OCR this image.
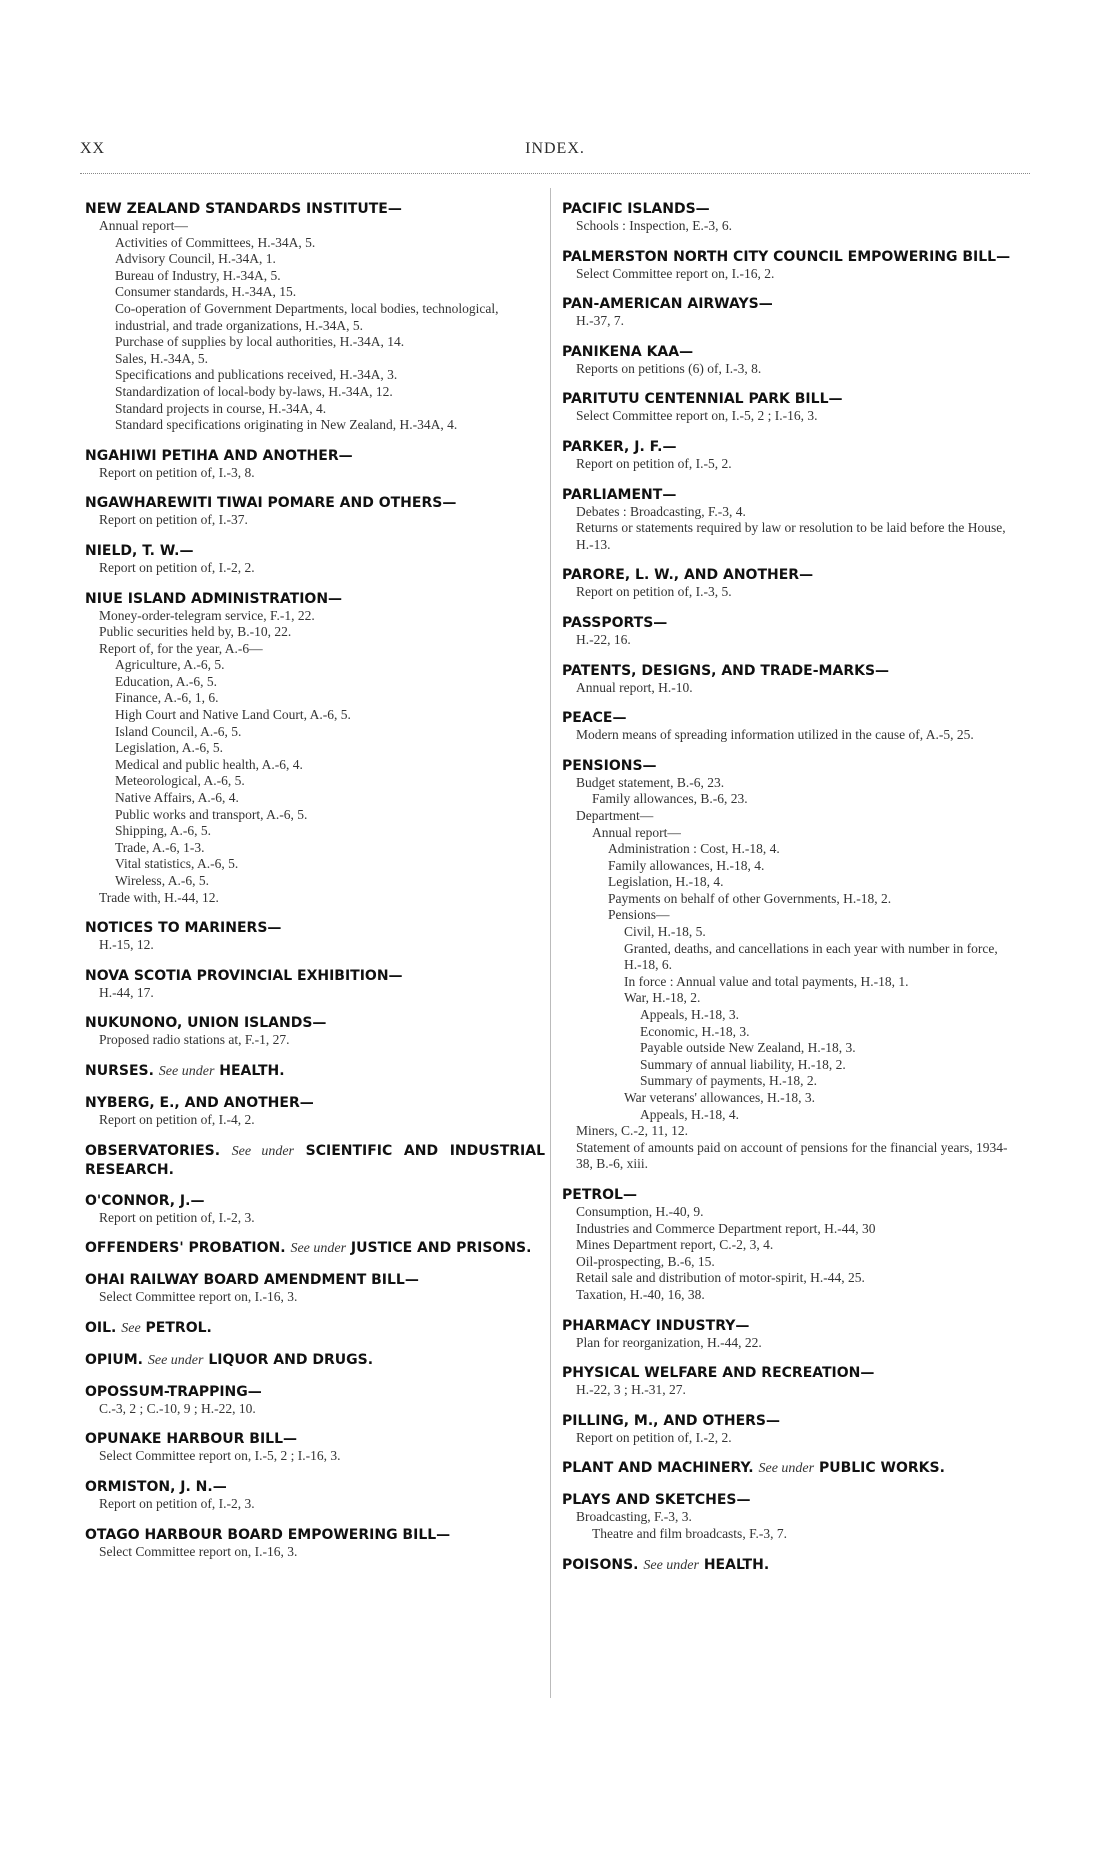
XX	INDEX.
NEW ZEALAND STANDARDS INSTITUTE—
Annual report—
Activities of Committees, H.-34A, 5.
Advisory Council, H.-34A, 1.
Bureau of Industry, H.-34A, 5.
Consumer standards, H.-34A, 15.
Co-operation of Government Departments, local bodies, technological, industrial, and trade organizations, H.-34A, 5.
Purchase of supplies by local authorities, H.-34A, 14.
Sales, H.-34A, 5.
Specifications and publications received, H.-34A, 3.
Standardization of local-body by-laws, H.-34A, 12.
Standard projects in course, H.-34A, 4.
Standard specifications originating in New Zealand, H.-34A, 4.
NGAHIWI PETIHA AND ANOTHER—
Report on petition of, I.-3, 8.
NGAWHAREWITI TIWAI POMARE AND OTHERS—
Report on petition of, I.-37.
NIELD, T. W.—
Report on petition of, I.-2, 2.
NIUE ISLAND ADMINISTRATION—
Money-order-telegram service, F.-1, 22.
Public securities held by, B.-10, 22.
Report of, for the year, A.-6—
Agriculture, A.-6, 5.
Education, A.-6, 5.
Finance, A.-6, 1, 6.
High Court and Native Land Court, A.-6, 5.
Island Council, A.-6, 5.
Legislation, A.-6, 5.
Medical and public health, A.-6, 4.
Meteorological, A.-6, 5.
Native Affairs, A.-6, 4.
Public works and transport, A.-6, 5.
Shipping, A.-6, 5.
Trade, A.-6, 1-3.
Vital statistics, A.-6, 5.
Wireless, A.-6, 5.
Trade with, H.-44, 12.
NOTICES TO MARINERS—
H.-15, 12.
NOVA SCOTIA PROVINCIAL EXHIBITION—
H.-44, 17.
NUKUNONO, UNION ISLANDS—
Proposed radio stations at, F.-1, 27.
NURSES. See under HEALTH.
NYBERG, E., AND ANOTHER—
Report on petition of, I.-4, 2.
OBSERVATORIES. See under SCIENTIFIC AND INDUSTRIAL RESEARCH.
O'CONNOR, J.—
Report on petition of, I.-2, 3.
OFFENDERS' PROBATION. See under JUSTICE AND PRISONS.
OHAI RAILWAY BOARD AMENDMENT BILL—
Select Committee report on, I.-16, 3.
OIL. See PETROL.
OPIUM. See under LIQUOR AND DRUGS.
OPOSSUM-TRAPPING—
C.-3, 2 ; C.-10, 9 ; H.-22, 10.
OPUNAKE HARBOUR BILL—
Select Committee report on, I.-5, 2 ; I.-16, 3.
ORMISTON, J. N.—
Report on petition of, I.-2, 3.
OTAGO HARBOUR BOARD EMPOWERING BILL—
Select Committee report on, I.-16, 3.
PACIFIC ISLANDS—
Schools : Inspection, E.-3, 6.
PALMERSTON NORTH CITY COUNCIL EMPOWERING BILL—
Select Committee report on, I.-16, 2.
PAN-AMERICAN AIRWAYS—
H.-37, 7.
PANIKENA KAA—
Reports on petitions (6) of, I.-3, 8.
PARITUTU CENTENNIAL PARK BILL—
Select Committee report on, I.-5, 2 ; I.-16, 3.
PARKER, J. F.—
Report on petition of, I.-5, 2.
PARLIAMENT—
Debates : Broadcasting, F.-3, 4.
Returns or statements required by law or resolution to be laid before the House, H.-13.
PARORE, L. W., AND ANOTHER—
Report on petition of, I.-3, 5.
PASSPORTS—
H.-22, 16.
PATENTS, DESIGNS, AND TRADE-MARKS—
Annual report, H.-10.
PEACE—
Modern means of spreading information utilized in the cause of, A.-5, 25.
PENSIONS—
Budget statement, B.-6, 23.
Family allowances, B.-6, 23.
Department—
Annual report—
Administration : Cost, H.-18, 4.
Family allowances, H.-18, 4.
Legislation, H.-18, 4.
Payments on behalf of other Governments, H.-18, 2.
Pensions—
Civil, H.-18, 5.
Granted, deaths, and cancellations in each year with number in force, H.-18, 6.
In force : Annual value and total payments, H.-18, 1.
War, H.-18, 2.
Appeals, H.-18, 3.
Economic, H.-18, 3.
Payable outside New Zealand, H.-18, 3.
Summary of annual liability, H.-18, 2.
Summary of payments, H.-18, 2.
War veterans' allowances, H.-18, 3.
Appeals, H.-18, 4.
Miners, C.-2, 11, 12.
Statement of amounts paid on account of pensions for the financial years, 1934-38, B.-6, xiii.
PETROL—
Consumption, H.-40, 9.
Industries and Commerce Department report, H.-44, 30
Mines Department report, C.-2, 3, 4.
Oil-prospecting, B.-6, 15.
Retail sale and distribution of motor-spirit, H.-44, 25.
Taxation, H.-40, 16, 38.
PHARMACY INDUSTRY—
Plan for reorganization, H.-44, 22.
PHYSICAL WELFARE AND RECREATION—
H.-22, 3 ; H.-31, 27.
PILLING, M., AND OTHERS—
Report on petition of, I.-2, 2.
PLANT AND MACHINERY. See under PUBLIC WORKS.
PLAYS AND SKETCHES—
Broadcasting, F.-3, 3.
Theatre and film broadcasts, F.-3, 7.
POISONS. See under HEALTH.
